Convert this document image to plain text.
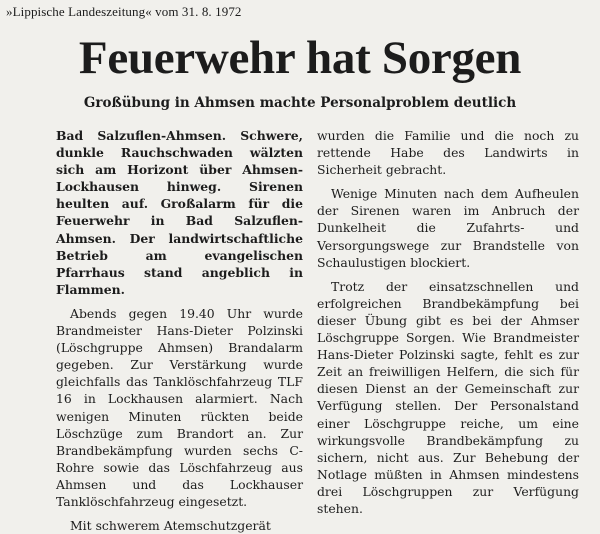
»Lippische Landeszeitung« vom 31. 8. 1972
Feuerwehr hat Sorgen
Großübung in Ahmsen machte Personalproblem deutlich

Bad Salzuflen-Ahmsen. Schwere, dunkle Rauchschwaden wälzten sich am Horizont über Ahmsen-Lockhausen hinweg. Sirenen heulten auf. Großalarm für die Feuerwehr in Bad Salzuflen-Ahmsen. Der landwirtschaftliche Betrieb am evangelischen Pfarrhaus stand angeblich in Flammen.

Abends gegen 19.40 Uhr wurde Brandmeister Hans-Dieter Polzinski (Löschgruppe Ahmsen) Brandalarm gegeben. Zur Verstärkung wurde gleichfalls das Tanklöschfahrzeug TLF 16 in Lockhausen alarmiert. Nach wenigen Minuten rückten beide Löschzüge zum Brandort an. Zur Brandbekämpfung wurden sechs C-Rohre sowie das Löschfahrzeug aus Ahmsen und das Lockhauser Tanklöschfahrzeug eingesetzt.

Mit schwerem Atemschutzgerät

wurden die Familie und die noch zu rettende Habe des Landwirts in Sicherheit gebracht.

Wenige Minuten nach dem Aufheulen der Sirenen waren im Anbruch der Dunkelheit die Zufahrts- und Versorgungswege zur Brandstelle von Schaulustigen blockiert.

Trotz der einsatzschnellen und erfolgreichen Brandbekämpfung bei dieser Übung gibt es bei der Ahmser Löschgruppe Sorgen. Wie Brandmeister Hans-Dieter Polzinski sagte, fehlt es zur Zeit an freiwilligen Helfern, die sich für diesen Dienst an der Gemeinschaft zur Verfügung stellen. Der Personalstand einer Löschgruppe reiche, um eine wirkungsvolle Brandbekämpfung zu sichern, nicht aus. Zur Behebung der Notlage müßten in Ahmsen mindestens drei Löschgruppen zur Verfügung stehen.
